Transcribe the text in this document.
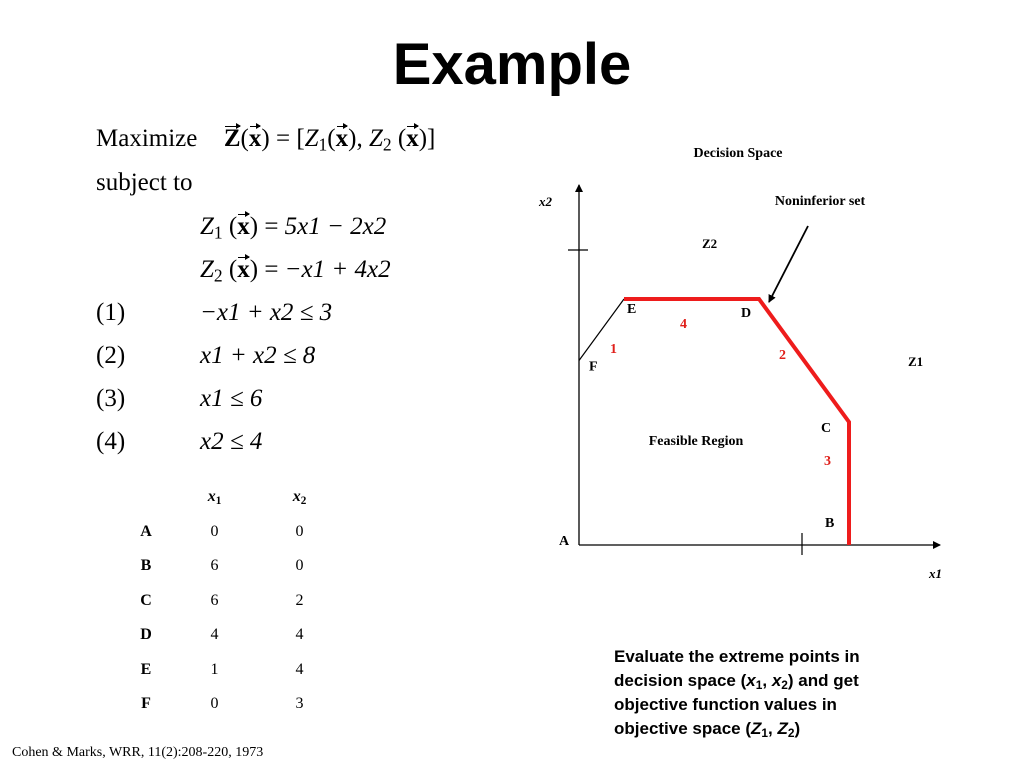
Example
Maximize $Z(x) = [Z_1(x)$, $Z_2$ (x)]
subject to
$Z_1$ (x) = 5x1 − 2x2
$Z_2$ (x) = −x1 + 4x2
(1)	−x1 + x2 ≤ 3
(2)	x1 + x2 ≤ 8
(3)	x1 ≤ 6
(4)	x2 ≤ 4
	$x_1$	$x_2$
A	0	0
B	6	0
C	6	2
D	4	4
E	1	4
F	0	3
Decision Space
Noninferior set
x2
x1
Z2
Z1
A
B
C
D
E
F
1	2
3
4
Feasible Region
Evaluate the extreme points in
decision space ($x_1$, $x_2$) and get
objective function values in
objective space ($Z_1$, $Z_2$)
Cohen & Marks, WRR, 11(2):208-220, 1973
